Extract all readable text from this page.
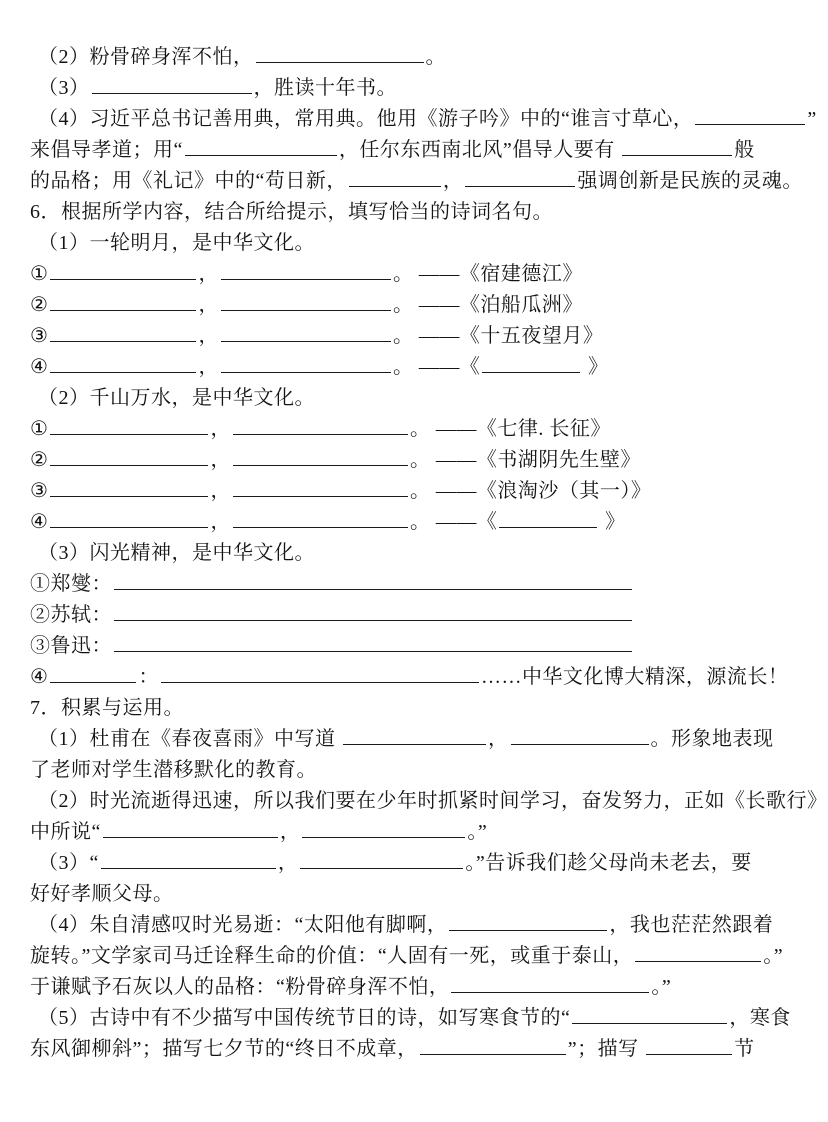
（2）粉骨碎身浑不怕，	。
（3）	，胜读十年书。
（4）习近平总书记善用典，常用典。他用《游子吟》中的“谁言寸草心，	”
来倡导孝道；用“	，任尔东西南北风”倡导人要有	般
的品格；用《礼记》中的“苟日新，	，	强调创新是民族的灵魂。
6．根据所学内容，结合所给提示，填写恰当的诗词名句。
（1）一轮明月，是中华文化。
①	，	。 ——《宿建德江》
②	，	。 ——《泊船瓜洲》
③	，	。 ——《十五夜望月》
④	，	。 ——《	》
（2）千山万水，是中华文化。
①	，	。 ——《七律. 长征》
②	，	。 ——《书湖阴先生壁》
③	，	。 ——《浪淘沙（其一）》
④	，	。 ——《	》
（3）闪光精神，是中华文化。
①郑燮：
②苏轼：
③鲁迅：
④	：	……中华文化博大精深，源流长！
7．积累与运用。
（1）杜甫在《春夜喜雨》中写道	，	。形象地表现
了老师对学生潜移默化的教育。
（2）时光流逝得迅速，所以我们要在少年时抓紧时间学习，奋发努力，正如《长歌行》
中所说“	，	。”
（3）“	，	。”告诉我们趁父母尚未老去，要
好好孝顺父母。
（4）朱自清感叹时光易逝：“太阳他有脚啊，	，我也茫茫然跟着
旋转。”文学家司马迁诠释生命的价值：“人固有一死，或重于泰山，	。”
于谦赋予石灰以人的品格：“粉骨碎身浑不怕，	。”
（5）古诗中有不少描写中国传统节日的诗，如写寒食节的“	，寒食
东风御柳斜”；描写七夕节的“终日不成章，	”；描写	节
